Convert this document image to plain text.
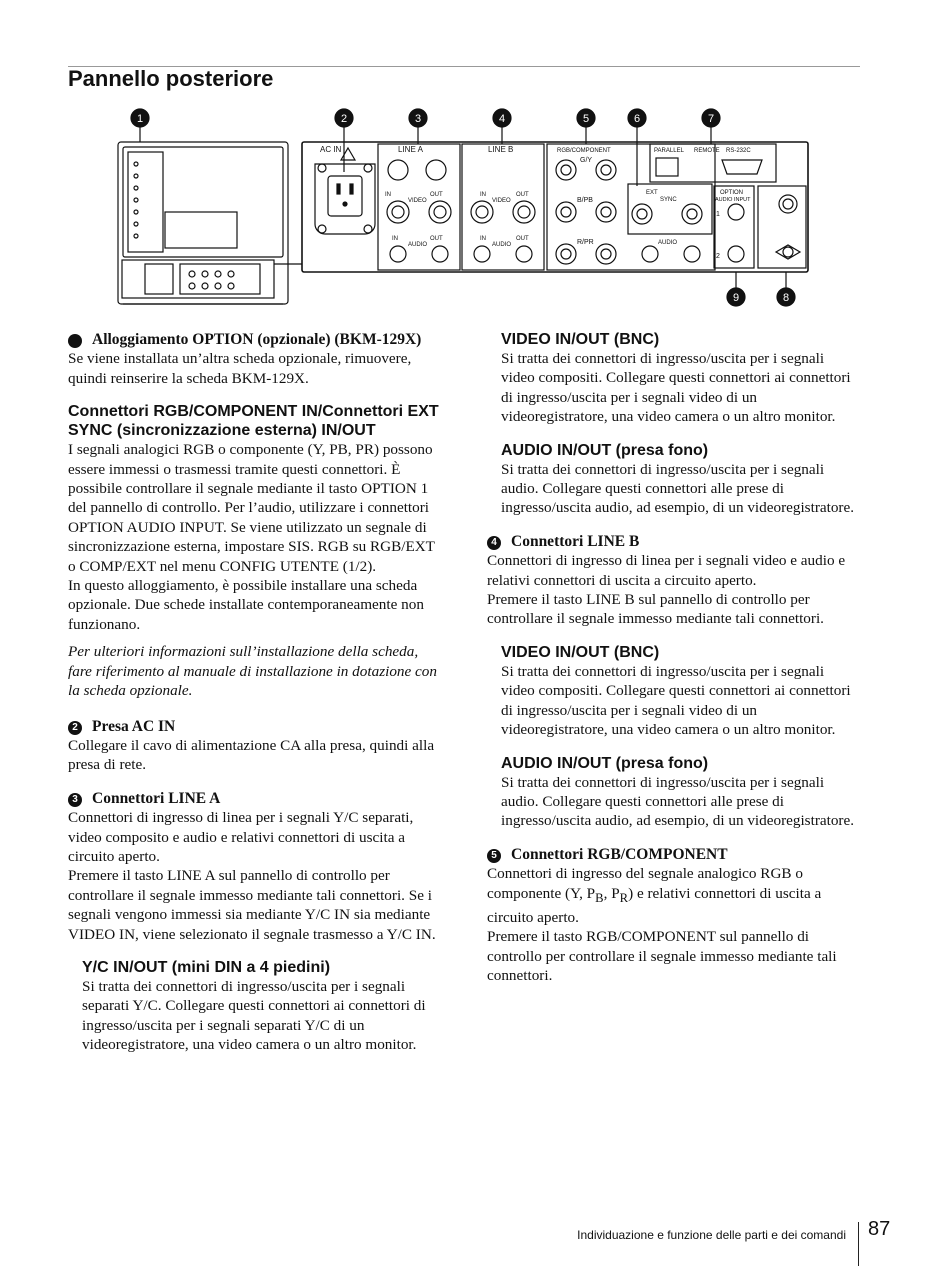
Pannello posteriore
1	2	3	4	5	6	7
9	8
AC IN	LINE A
IN	OUT
VIDEO
IN	OUT
AUDIO
LINE B
IN	OUT
VIDEO
IN	OUT
AUDIO
RGB/COMPONENT
G/Y
B/PB
R/PR
EXT
SYNC
AUDIO
PARALLEL REMOTE RS-232C
OPTION
AUDIO INPUT
1
2
1 Alloggiamento OPTION (opzionale) (BKM-129X)

Se viene installata un’altra scheda opzionale, rimuovere, quindi reinserire la scheda BKM-129X.

Connettori RGB/COMPONENT IN/Connettori EXT SYNC (sincronizzazione esterna) IN/OUT

I segnali analogici RGB o componente (Y, PB, PR) possono essere immessi o trasmessi tramite questi connettori. È possibile controllare il segnale mediante il tasto OPTION 1 del pannello di controllo. Per l’audio, utilizzare i connettori OPTION AUDIO INPUT. Se viene utilizzato un segnale di sincronizzazione esterna, impostare SIS. RGB su RGB/EXT o COMP/EXT nel menu CONFIG UTENTE (1/2).

In questo alloggiamento, è possibile installare una scheda opzionale. Due schede installate contemporaneamente non funzionano.

Per ulteriori informazioni sull’installazione della scheda, fare riferimento al manuale di installazione in dotazione con la scheda opzionale.

2 Presa AC IN

Collegare il cavo di alimentazione CA alla presa, quindi alla presa di rete.

3 Connettori LINE A

Connettori di ingresso di linea per i segnali Y/C separati, video composito e audio e relativi connettori di uscita a circuito aperto.

Premere il tasto LINE A sul pannello di controllo per controllare il segnale immesso mediante tali connettori. Se i segnali vengono immessi sia mediante Y/C IN sia mediante VIDEO IN, viene selezionato il segnale trasmesso a Y/C IN.

Y/C IN/OUT (mini DIN a 4 piedini)

Si tratta dei connettori di ingresso/uscita per i segnali separati Y/C. Collegare questi connettori ai connettori di ingresso/uscita per i segnali separati Y/C di un videoregistratore, una video camera o un altro monitor.

VIDEO IN/OUT (BNC)

Si tratta dei connettori di ingresso/uscita per i segnali video compositi. Collegare questi connettori ai connettori di ingresso/uscita per i segnali video di un videoregistratore, una video camera o un altro monitor.

AUDIO IN/OUT (presa fono)

Si tratta dei connettori di ingresso/uscita per i segnali audio. Collegare questi connettori alle prese di ingresso/uscita audio, ad esempio, di un videoregistratore.

4 Connettori LINE B

Connettori di ingresso di linea per i segnali video e audio e relativi connettori di uscita a circuito aperto.

Premere il tasto LINE B sul pannello di controllo per controllare il segnale immesso mediante tali connettori.

VIDEO IN/OUT (BNC)

Si tratta dei connettori di ingresso/uscita per i segnali video compositi. Collegare questi connettori ai connettori di ingresso/uscita per i segnali video di un videoregistratore, una video camera o un altro monitor.

AUDIO IN/OUT (presa fono)

Si tratta dei connettori di ingresso/uscita per i segnali audio. Collegare questi connettori alle prese di ingresso/uscita audio, ad esempio, di un videoregistratore.

5 Connettori RGB/COMPONENT

Connettori di ingresso del segnale analogico RGB o componente (Y, $P_B$, $P_R$) e relativi connettori di uscita a circuito aperto.

Premere il tasto RGB/COMPONENT sul pannello di controllo per controllare il segnale immesso mediante tali connettori.

Individuazione e funzione delle parti e dei comandi 87
